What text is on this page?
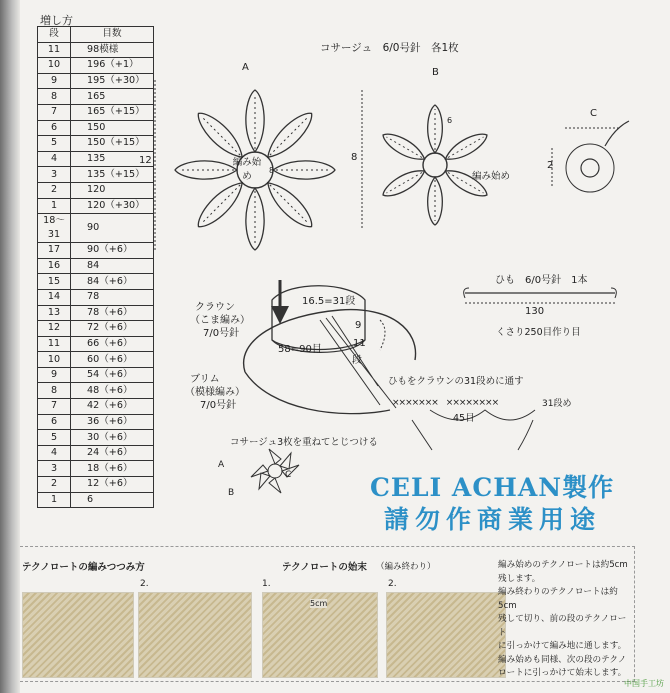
増し方
段	目数
11	98模様
10	196（+1）
9	195（+30）
8	165
7	165（+15）
6	150
5	150（+15）
4	135
3	135（+15）
2	120
1	120（+30）
18〜31	90
17	90（+6）
16	84
15	84（+6）
14	78
13	78（+6）
12	72（+6）
11	66（+6）
10	60（+6）
9	54（+6）
8	48（+6）
7	42（+6）
6	36（+6）
5	30（+6）
4	24（+6）
3	18（+6）
2	12（+6）
1	6
コサージュ　6/0号針　各1枚
A	B
C
12	8
2
編み始め	編み始め
8
6
ひも　6/0号針　1本
130
くさり250目作り目
クラウン
（こま編み）
7/0号針
16.5=31段
58=90目
9
11
段
ブリム
（模様編み）
7/0号針
ひもをクラウンの31段めに通す
×××××××　××××××××	31段め
45目
コサージュ3枚を重ねてとじつける
A
C
B	CELI ACHAN製作
請勿作商業用途
テクノロートの編みつつみ方	テクノロートの始末 （編み終わり）
2.	1.	2.
5cm
編み始めのテクノロートは約5cm
残します。
編み終わりのテクノロートは約5cm
残して切り、前の段のテクノロート
に引っかけて編み地に通します。
編み始めも同様、次の段のテクノ
ロートに引っかけて始末します。
中国手工坊
